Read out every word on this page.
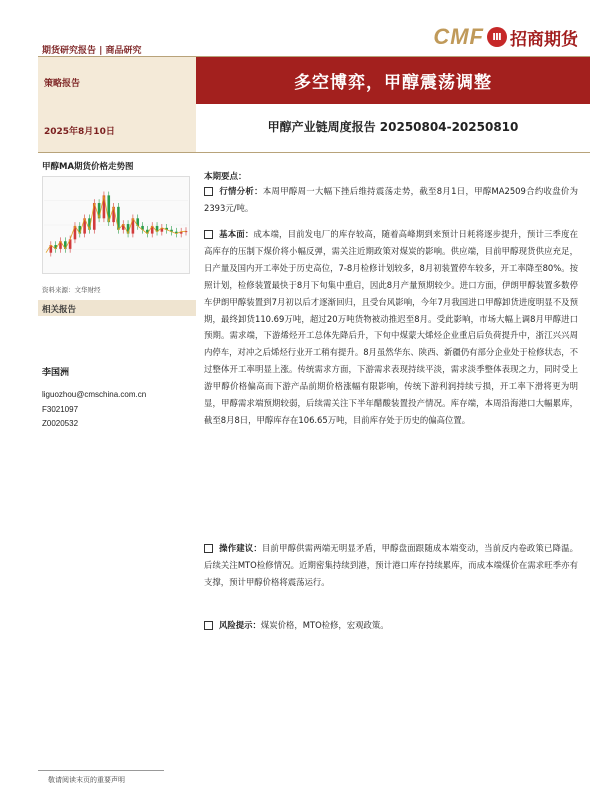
期货研究报告 | 商品研究
CMF Ⅲ 招商期货
多空博弈，甲醇震荡调整
策略报告
2025年8月10日	甲醇产业链周度报告 20250804-20250810
甲醇MA期货价格走势图
资料来源：文华财经
相关报告
李国洲
liguozhou@cmschina.com.cn
F3021097
Z0020532
本期要点：
行情分析：本周甲醇周一大幅下挫后维持震荡走势，截至8月1日，甲醇MA2509合约收盘价为2393元/吨。
基本面：成本端，目前发电厂的库存较高，随着高峰期到来预计日耗将逐步提升，预计三季度在高库存的压制下煤价将小幅反弹，需关注近期政策对煤炭的影响。供应端，目前甲醇现货供应充足，日产量及国内开工率处于历史高位，7-8月检修计划较多，8月初装置停车较多，开工率降至80%。按照计划，检修装置最快于8月下旬集中重启，因此8月产量预期较少。进口方面，伊朗甲醇装置多数停车伊朗甲醇装置到7月初以后才逐渐回归，且受台风影响，今年7月我国进口甲醇卸货进度明显不及预期，最终卸货110.69万吨，超过20万吨货物被动推迟至8月。受此影响，市场大幅上调8月甲醇进口预期。需求端，下游烯烃开工总体先降后升，下旬中煤蒙大烯烃企业重启后负荷提升中，浙江兴兴周内停车，对冲之后烯烃行业开工稍有提升。8月虽然华东、陕西、新疆仍有部分企业处于检修状态，不过整体开工率明显上涨。传统需求方面，下游需求表现持续平淡，需求淡季整体表现之力，同时受上游甲醇价格偏高而下游产品前期价格涨幅有限影响，传统下游利润持续亏损，开工率下滑将更为明显，甲醇需求端预期较弱，后续需关注下半年醋酸装置投产情况。库存端，本周沿海港口大幅累库，截至8月8日，甲醇库存在106.65万吨，目前库存处于历史的偏高位置。
操作建议：目前甲醇供需两端无明显矛盾，甲醇盘面跟随成本端变动，当前反内卷政策已降温。后续关注MTO检修情况。近期密集持续到港，预计港口库存持续累库，而成本端煤价在需求旺季亦有支撑，预计甲醇价格将震荡运行。
风险提示：煤炭价格，MTO检修，宏观政策。
敬请阅读末页的重要声明
